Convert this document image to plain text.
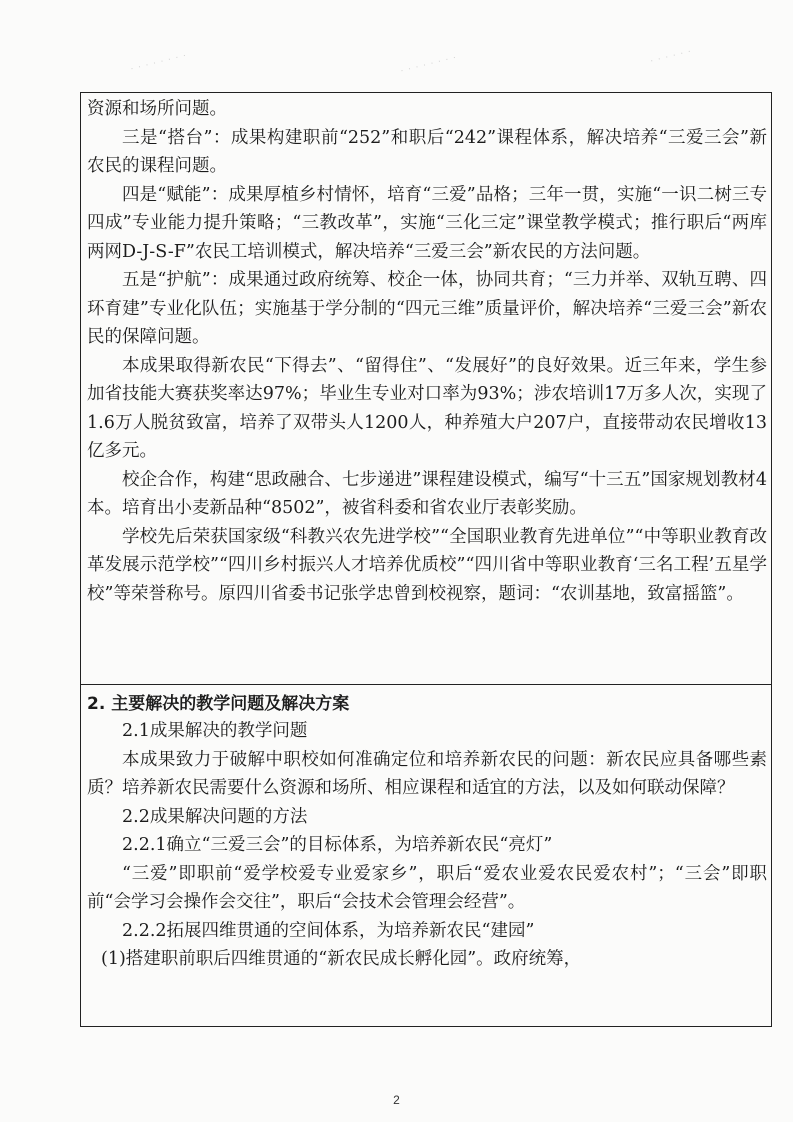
· · · · · · · ·	· · · · · · · ·	· · · · · ·

资源和场所问题。

三是“搭台”：成果构建职前“252”和职后“242”课程体系，解决培养“三爱三会”新农民的课程问题。

四是“赋能”：成果厚植乡村情怀，培育“三爱”品格；三年一贯，实施“一识二树三专四成”专业能力提升策略；“三教改革”，实施“三化三定”课堂教学模式；推行职后“两库两网D-J-S-F”农民工培训模式，解决培养“三爱三会”新农民的方法问题。

五是“护航”：成果通过政府统筹、校企一体，协同共育；“三力并举、双轨互聘、四环育建”专业化队伍；实施基于学分制的“四元三维”质量评价，解决培养“三爱三会”新农民的保障问题。

本成果取得新农民“下得去”、“留得住”、“发展好”的良好效果。近三年来，学生参加省技能大赛获奖率达97%；毕业生专业对口率为93%；涉农培训17万多人次，实现了1.6万人脱贫致富，培养了双带头人1200人，种养殖大户207户，直接带动农民增收13亿多元。

校企合作，构建“思政融合、七步递进”课程建设模式，编写“十三五”国家规划教材4本。培育出小麦新品种“8502”，被省科委和省农业厅表彰奖励。

学校先后荣获国家级“科教兴农先进学校”“全国职业教育先进单位”“中等职业教育改革发展示范学校”“四川乡村振兴人才培养优质校”“四川省中等职业教育‘三名工程’五星学校”等荣誉称号。原四川省委书记张学忠曾到校视察，题词：“农训基地，致富摇篮”。

2. 主要解决的教学问题及解决方案

2.1成果解决的教学问题

本成果致力于破解中职校如何准确定位和培养新农民的问题：新农民应具备哪些素质？培养新农民需要什么资源和场所、相应课程和适宜的方法，以及如何联动保障？

2.2成果解决问题的方法

2.2.1确立“三爱三会”的目标体系，为培养新农民“亮灯”

“三爱”即职前“爱学校爱专业爱家乡”，职后“爱农业爱农民爱农村”；“三会”即职前“会学习会操作会交往”，职后“会技术会管理会经营”。

2.2.2拓展四维贯通的空间体系，为培养新农民“建园”

(1)搭建职前职后四维贯通的“新农民成长孵化园”。政府统筹，

2
